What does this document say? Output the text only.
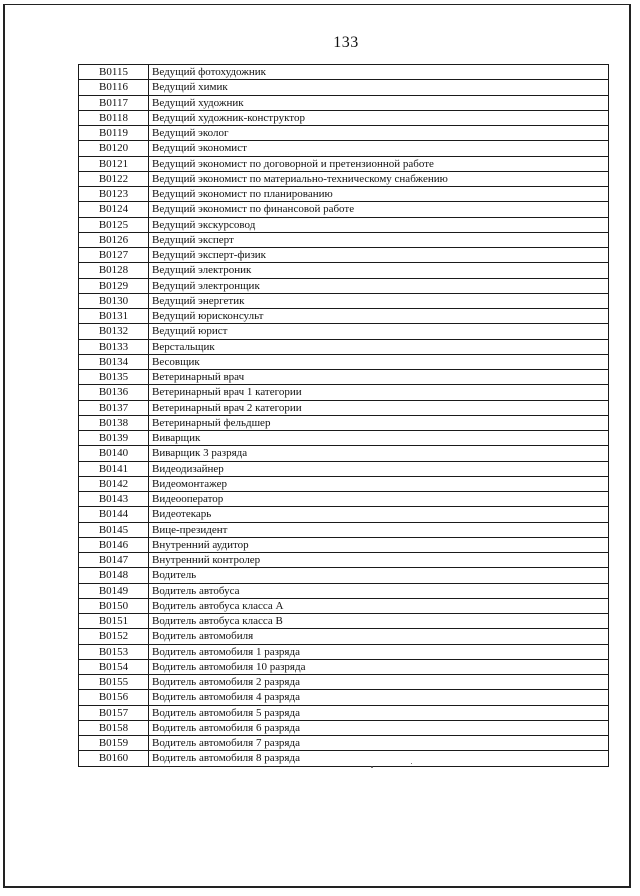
133
В0115	Ведущий фотохудожник
В0116	Ведущий химик
В0117	Ведущий художник
В0118	Ведущий художник-конструктор
В0119	Ведущий эколог
В0120	Ведущий экономист
В0121	Ведущий экономист по договорной и претензионной работе
В0122	Ведущий экономист по материально-техническому снабжению
В0123	Ведущий экономист по планированию
В0124	Ведущий экономист по финансовой работе
В0125	Ведущий экскурсовод
В0126	Ведущий эксперт
В0127	Ведущий эксперт-физик
В0128	Ведущий электроник
В0129	Ведущий электронщик
В0130	Ведущий энергетик
В0131	Ведущий юрисконсульт
В0132	Ведущий юрист
В0133	Верстальщик
В0134	Весовщик
В0135	Ветеринарный врач
В0136	Ветеринарный врач 1 категории
В0137	Ветеринарный врач 2 категории
В0138	Ветеринарный фельдшер
В0139	Виварщик
В0140	Виварщик 3 разряда
В0141	Видеодизайнер
В0142	Видеомонтажер
В0143	Видеооператор
В0144	Видеотекарь
В0145	Вице-президент
В0146	Внутренний аудитор
В0147	Внутренний контролер
В0148	Водитель
В0149	Водитель автобуса
В0150	Водитель автобуса класса А
В0151	Водитель автобуса класса В
В0152	Водитель автомобиля
В0153	Водитель автомобиля 1 разряда
В0154	Водитель автомобиля 10 разряда
В0155	Водитель автомобиля 2 разряда
В0156	Водитель автомобиля 4 разряда
В0157	Водитель автомобиля 5 разряда
В0158	Водитель автомобиля 6 разряда
В0159	Водитель автомобиля 7 разряда
В0160	Водитель автомобиля 8 разряда
